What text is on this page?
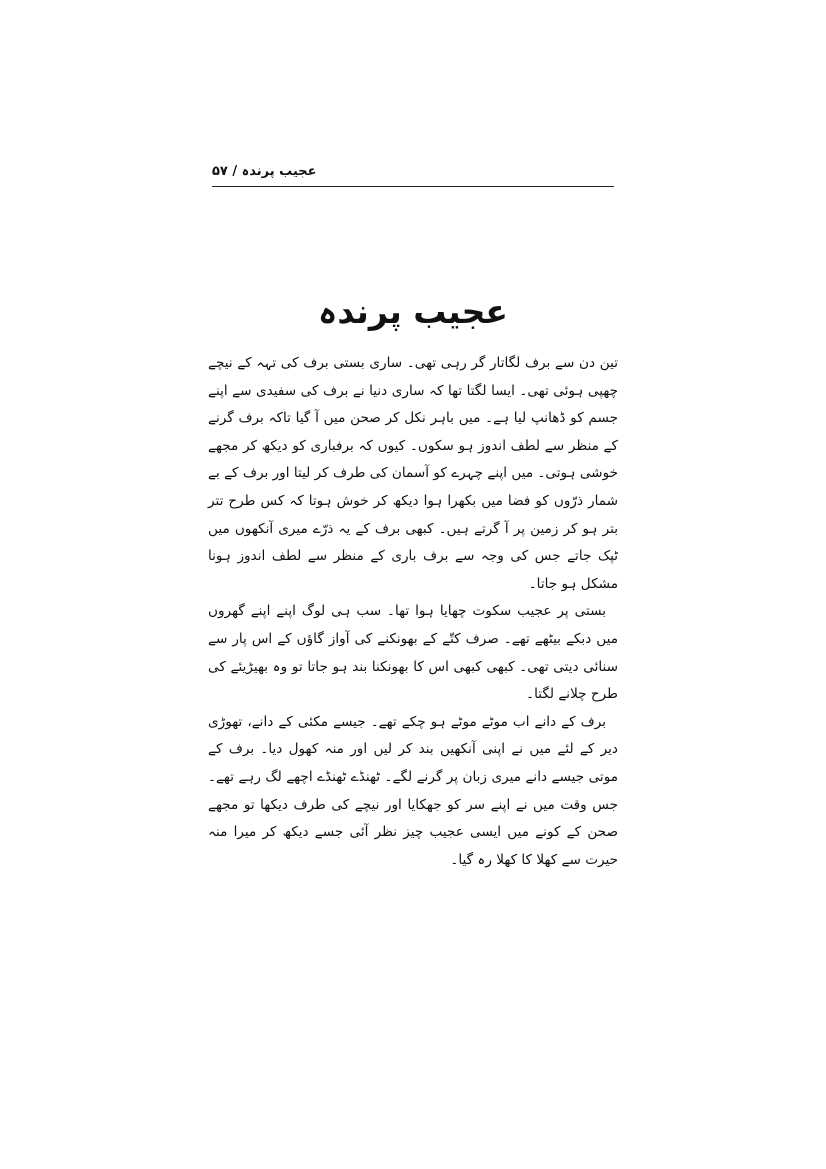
عجیب پرندہ / ۵۷
عجیب پرندہ

تین دن سے برف لگاتار گر رہی تھی۔ ساری بستی برف کی تہہ کے نیچے چھپی ہوئی تھی۔ ایسا لگتا تھا کہ ساری دنیا نے برف کی سفیدی سے اپنے جسم کو ڈھانپ لیا ہے۔ میں باہر نکل کر صحن میں آ گیا تاکہ برف گرنے کے منظر سے لطف اندوز ہو سکوں۔ کیوں کہ برفباری کو دیکھ کر مجھے خوشی ہوتی۔ میں اپنے چہرے کو آسمان کی طرف کر لیتا اور برف کے بے شمار ذرّوں کو فضا میں بکھرا ہوا دیکھ کر خوش ہوتا کہ کس طرح تتر بتر ہو کر زمین پر آ گرتے ہیں۔ کبھی برف کے یہ ذرّے میری آنکھوں میں ٹپک جاتے جس کی وجہ سے برف باری کے منظر سے لطف اندوز ہونا مشکل ہو جاتا۔

بستی پر عجیب سکوت چھایا ہوا تھا۔ سب ہی لوگ اپنے اپنے گھروں میں دبکے بیٹھے تھے۔ صرف کتّے کے بھونکنے کی آواز گاؤں کے اس پار سے سنائی دیتی تھی۔ کبھی کبھی اس کا بھونکنا بند ہو جاتا تو وہ بھیڑیئے کی طرح چلانے لگتا۔

برف کے دانے اب موٹے موٹے ہو چکے تھے۔ جیسے مکئی کے دانے، تھوڑی دیر کے لئے میں نے اپنی آنکھیں بند کر لیں اور منہ کھول دیا۔ برف کے موتی جیسے دانے میری زبان پر گرنے لگے۔ ٹھنڈے ٹھنڈے اچھے لگ رہے تھے۔ جس وقت میں نے اپنے سر کو جھکایا اور نیچے کی طرف دیکھا تو مجھے صحن کے کونے میں ایسی عجیب چیز نظر آئی جسے دیکھ کر میرا منہ حیرت سے کھلا کا کھلا رہ گیا۔
